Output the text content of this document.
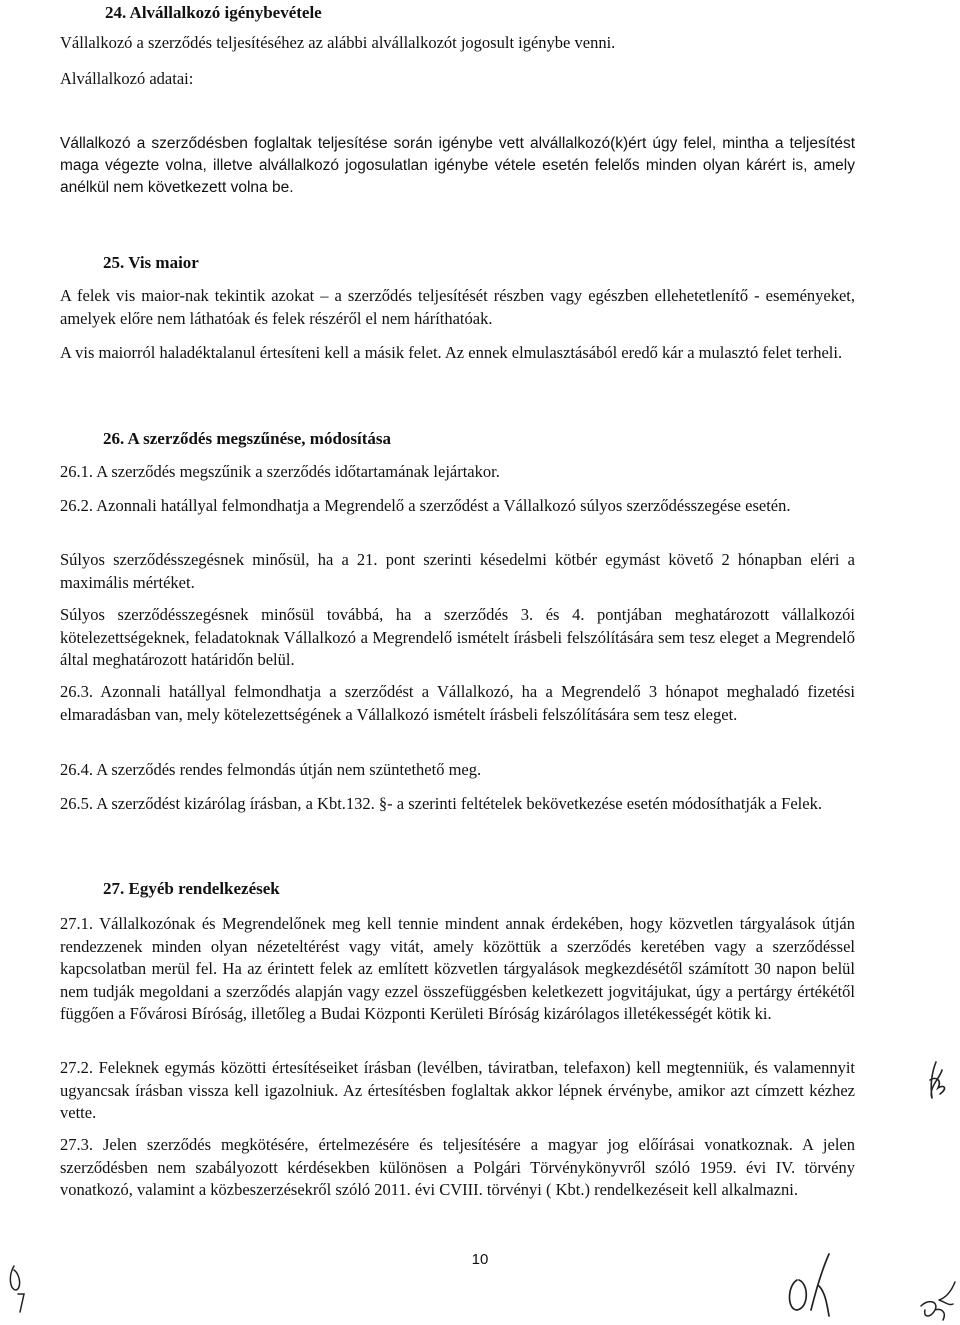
24. Alvállalkozó igénybevétele

Vállalkozó a szerződés teljesítéséhez az alábbi alvállalkozót jogosult igénybe venni.

Alvállalkozó adatai:

Vállalkozó a szerződésben foglaltak teljesítése során igénybe vett alvállalkozó(k)ért úgy felel, mintha a teljesítést maga végezte volna, illetve alvállalkozó jogosulatlan igénybe vétele esetén felelős minden olyan kárért is, amely anélkül nem következett volna be.

25. Vis maior

A felek vis maior-nak tekintik azokat – a szerződés teljesítését részben vagy egészben ellehetetlenítő - eseményeket, amelyek előre nem láthatóak és felek részéről el nem háríthatóak.

A vis maiorról haladéktalanul értesíteni kell a másik felet. Az ennek elmulasztásából eredő kár a mulasztó felet terheli.

26. A szerződés megszűnése, módosítása

26.1. A szerződés megszűnik a szerződés időtartamának lejártakor.

26.2. Azonnali hatállyal felmondhatja a Megrendelő a szerződést a Vállalkozó súlyos szerződésszegése esetén.

Súlyos szerződésszegésnek minősül, ha a 21. pont szerinti késedelmi kötbér egymást követő 2 hónapban eléri a maximális mértéket.

Súlyos szerződésszegésnek minősül továbbá, ha a szerződés 3. és 4. pontjában meghatározott vállalkozói kötelezettségeknek, feladatoknak Vállalkozó a Megrendelő ismételt írásbeli felszólítására sem tesz eleget a Megrendelő által meghatározott határidőn belül.

26.3. Azonnali hatállyal felmondhatja a szerződést a Vállalkozó, ha a Megrendelő 3 hónapot meghaladó fizetési elmaradásban van, mely kötelezettségének a Vállalkozó ismételt írásbeli felszólítására sem tesz eleget.

26.4. A szerződés rendes felmondás útján nem szüntethető meg.

26.5. A szerződést kizárólag írásban, a Kbt.132. §- a szerinti feltételek bekövetkezése esetén módosíthatják a Felek.

27. Egyéb rendelkezések

27.1. Vállalkozónak és Megrendelőnek meg kell tennie mindent annak érdekében, hogy közvetlen tárgyalások útján rendezzenek minden olyan nézeteltérést vagy vitát, amely közöttük a szerződés keretében vagy a szerződéssel kapcsolatban merül fel. Ha az érintett felek az említett közvetlen tárgyalások megkezdésétől számított 30 napon belül nem tudják megoldani a szerződés alapján vagy ezzel összefüggésben keletkezett jogvitájukat, úgy a pertárgy értékétől függően a Fővárosi Bíróság, illetőleg a Budai Központi Kerületi Bíróság kizárólagos illetékességét kötik ki.

27.2. Feleknek egymás közötti értesítéseiket írásban (levélben, táviratban, telefaxon) kell megtenniük, és valamennyit ugyancsak írásban vissza kell igazolniuk. Az értesítésben foglaltak akkor lépnek érvénybe, amikor azt címzett kézhez vette.

27.3. Jelen szerződés megkötésére, értelmezésére és teljesítésére a magyar jog előírásai vonatkoznak. A jelen szerződésben nem szabályozott kérdésekben különösen a Polgári Törvénykönyvről szóló 1959. évi IV. törvény vonatkozó, valamint a közbeszerzésekről szóló 2011. évi CVIII. törvényi ( Kbt.) rendelkezéseit kell alkalmazni.

10
